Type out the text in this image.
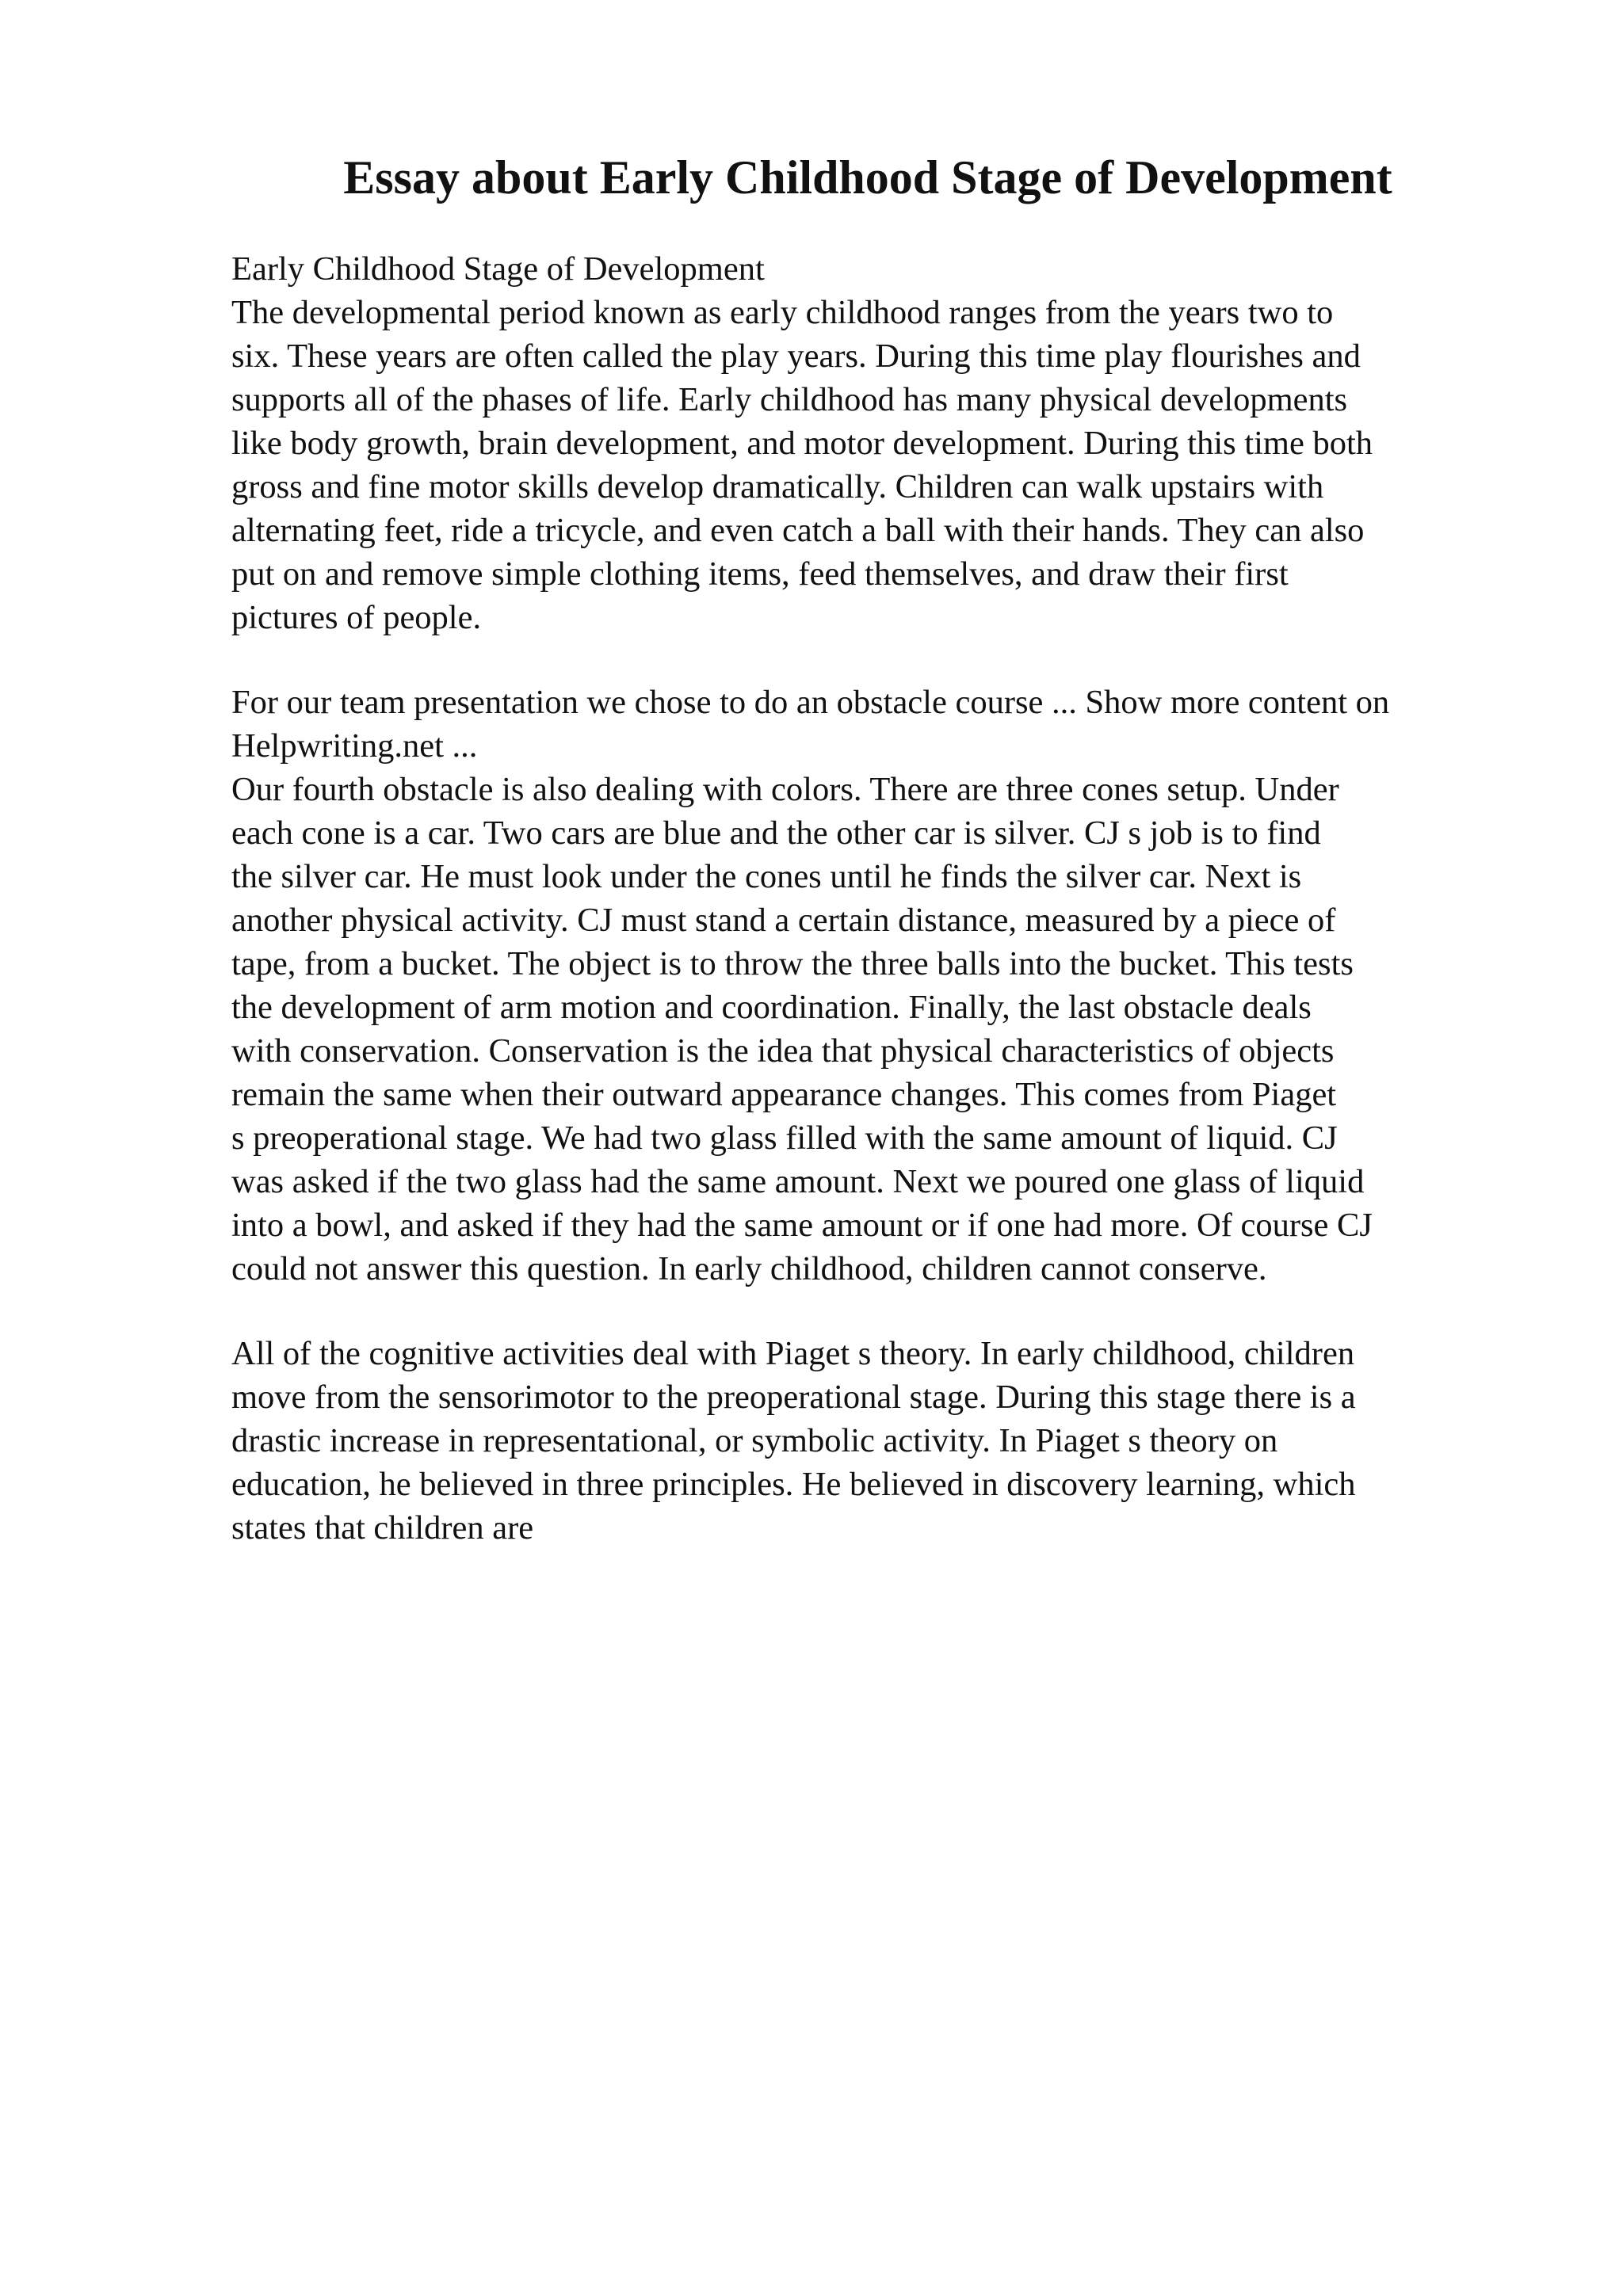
Essay about Early Childhood Stage of Development

Early Childhood Stage of Development

The developmental period known as early childhood ranges from the years two to
six. These years are often called the play years. During this time play flourishes and
supports all of the phases of life. Early childhood has many physical developments
like body growth, brain development, and motor development. During this time both
gross and fine motor skills develop dramatically. Children can walk upstairs with
alternating feet, ride a tricycle, and even catch a ball with their hands. They can also
put on and remove simple clothing items, feed themselves, and draw their first
pictures of people.

For our team presentation we chose to do an obstacle course ... Show more content on
Helpwriting.net ...
Our fourth obstacle is also dealing with colors. There are three cones setup. Under
each cone is a car. Two cars are blue and the other car is silver. CJ s job is to find
the silver car. He must look under the cones until he finds the silver car. Next is
another physical activity. CJ must stand a certain distance, measured by a piece of
tape, from a bucket. The object is to throw the three balls into the bucket. This tests
the development of arm motion and coordination. Finally, the last obstacle deals
with conservation. Conservation is the idea that physical characteristics of objects
remain the same when their outward appearance changes. This comes from Piaget
s preoperational stage. We had two glass filled with the same amount of liquid. CJ
was asked if the two glass had the same amount. Next we poured one glass of liquid
into a bowl, and asked if they had the same amount or if one had more. Of course CJ
could not answer this question. In early childhood, children cannot conserve.

All of the cognitive activities deal with Piaget s theory. In early childhood, children
move from the sensorimotor to the preoperational stage. During this stage there is a
drastic increase in representational, or symbolic activity. In Piaget s theory on
education, he believed in three principles. He believed in discovery learning, which
states that children are
